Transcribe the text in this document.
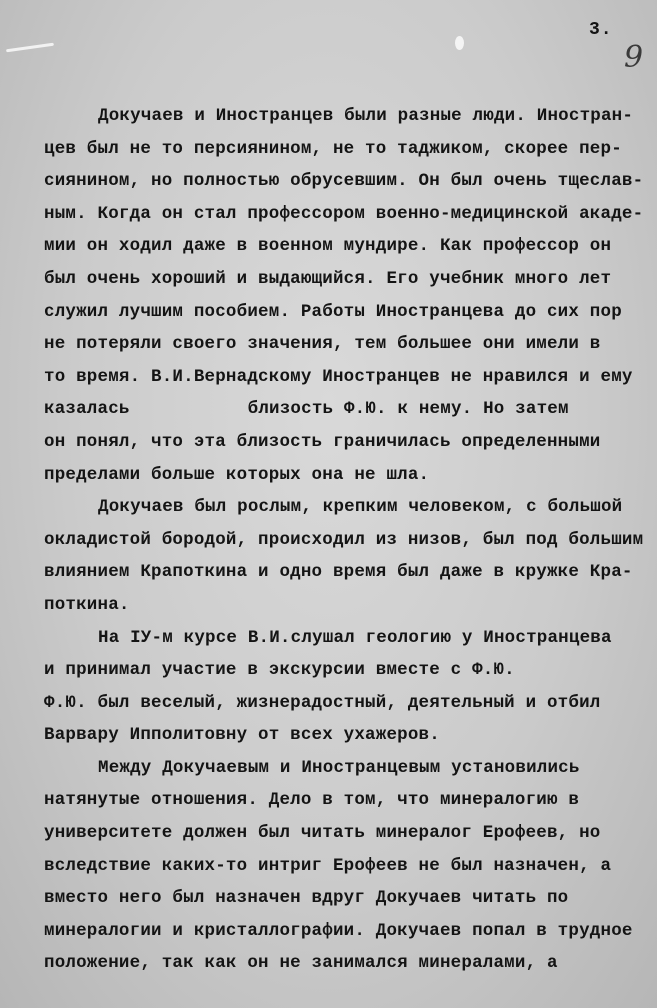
3.
9
Докучаев и Иностранцев были разные люди. Иностран-
цев был не то персиянином, не то таджиком, скорее пер-
сиянином, но полностью обрусевшим. Он был очень тщеслав-
ным. Когда он стал профессором военно-медицинской акаде-
мии он ходил даже в военном мундире. Как профессор он
был очень хороший и выдающийся. Его учебник много лет
служил лучшим пособием. Работы Иностранцева до сих пор
не потеряли своего значения, тем большее они имели в
то время. В.И.Вернадскому Иностранцев не нравился и ему
казалась	близость Ф.Ю. к нему. Но затем
он понял, что эта близость граничилась определенными
пределами больше которых она не шла.
Докучаев был рослым, крепким человеком, с большой
окладистой бородой, происходил из низов, был под большим
влиянием Крапоткина и одно время был даже в кружке Кра-
поткина.
На IУ-м курсе В.И.слушал геологию у Иностранцева
и принимал участие в экскурсии вместе с Ф.Ю.
Ф.Ю. был веселый, жизнерадостный, деятельный и отбил
Варвару Ипполитовну от всех ухажеров.
Между Докучаевым и Иностранцевым установились
натянутые отношения. Дело в том, что минералогию в
университете должен был читать минералог Ерофеев, но
вследствие каких-то интриг Ерофеев не был назначен, а
вместо него был назначен вдруг Докучаев читать по
минералогии и кристаллографии. Докучаев попал в трудное
положение, так как он не занимался минералами, а
